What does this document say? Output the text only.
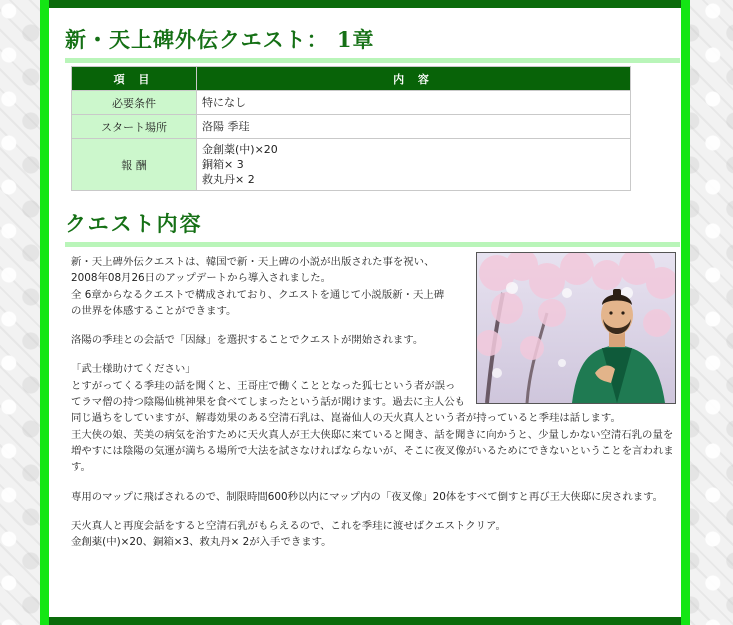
新・天上碑外伝クエスト： 1章
項 目	内 容
必要条件	特になし

スタート場所	洛陽 季珪

報 酬	金創薬(中)×20
銅箱× 3
救丸丹× 2
クエスト内容

新・天上碑外伝クエストは、韓国で新・天上碑の小説が出版された事を祝い、
2008年08月26日のアップデートから導入されました。
全 6章からなるクエストで構成されており、クエストを通じて小説版新・天上碑
の世界を体感することができます。

洛陽の季珪との会話で「因縁」を選択することでクエストが開始されます。

「武士様助けてください」
とすがってくる季珪の話を聞くと、王哥庄で働くこととなった狐七という者が誤ってラマ僧の持つ陰陽仙桃神果を食べてしまったという話が聞けます。過去に主人公も同じ過ちをしていますが、解毒効果のある空清石乳は、崑崙仙人の天火真人という者が持っていると季珪は話します。
王大侠の娘、芙美の病気を治すために天火真人が王大侠邸に来ていると聞き、話を聞きに向かうと、少量しかない空清石乳の量を増やすには陰陽の気運が満ちる場所で大法を試さなければならないが、そこに夜叉像がいるためにできないということを言われます。

専用のマップに飛ばされるので、制限時間600秒以内にマップ内の「夜叉像」20体をすべて倒すと再び王大侠邸に戻されます。

天火真人と再度会話をすると空清石乳がもらえるので、これを季珪に渡せばクエストクリア。
金創薬(中)×20、銅箱×3、救丸丹× 2が入手できます。
